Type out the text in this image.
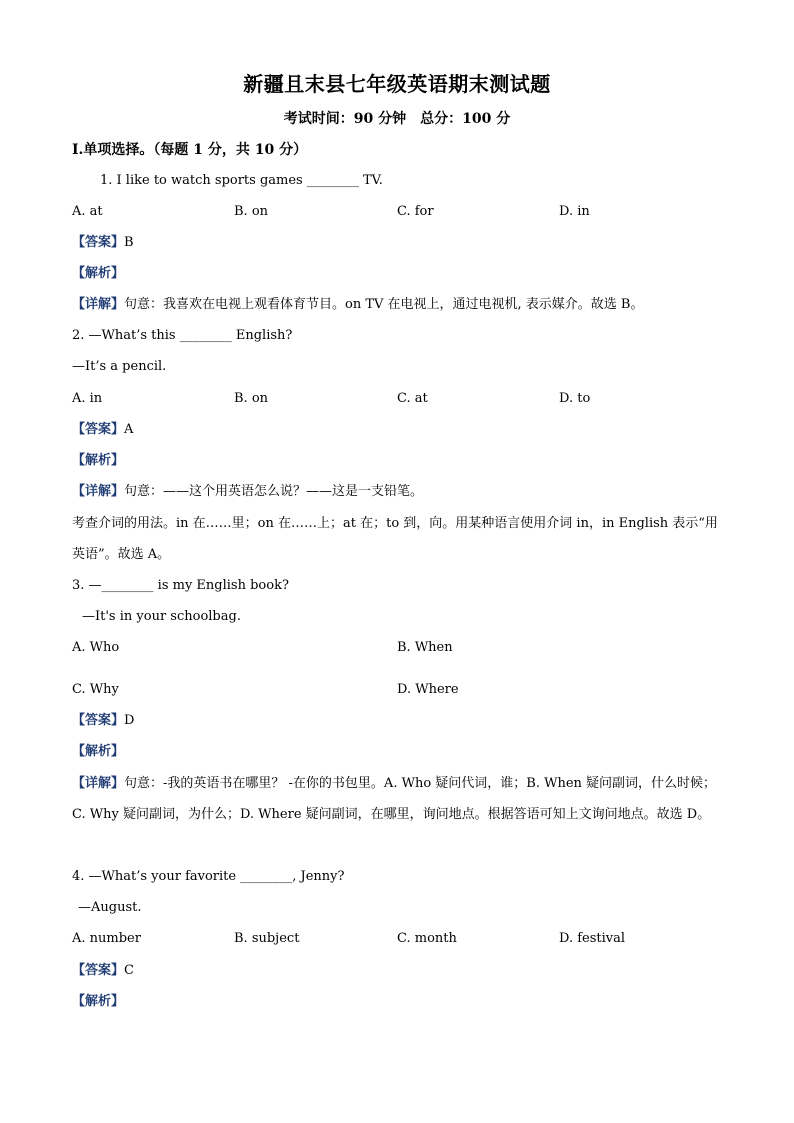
新疆且末县七年级英语期末测试题
考试时间：90 分钟　总分：100 分
Ⅰ.单项选择。（每题 1 分，共 10 分）
1. I like to watch sports games ________ TV.
A. at	B. on	C. for	D. in
【答案】B
【解析】
【详解】句意：我喜欢在电视上观看体育节目。on TV 在电视上，通过电视机, 表示媒介。故选 B。
2. —What’s this ________ English?
—It’s a pencil.
A. in	B. on	C. at	D. to
【答案】A
【解析】
【详解】句意：——这个用英语怎么说？——这是一支铅笔。
考查介词的用法。in 在……里；on 在……上；at 在；to 到，向。用某种语言使用介词 in，in English 表示“用英语”。故选 A。
3. —________ is my English book?
—It's in your schoolbag.
A. Who	B. When
C. Why	D. Where
【答案】D
【解析】
【详解】句意：-我的英语书在哪里？ -在你的书包里。A. Who 疑问代词，谁；B. When 疑问副词，什么时候；C. Why 疑问副词，为什么；D. Where 疑问副词，在哪里，询问地点。根据答语可知上文询问地点。故选 D。
4. —What’s your favorite ________, Jenny?
—August.
A. number	B. subject	C. month	D. festival
【答案】C
【解析】
